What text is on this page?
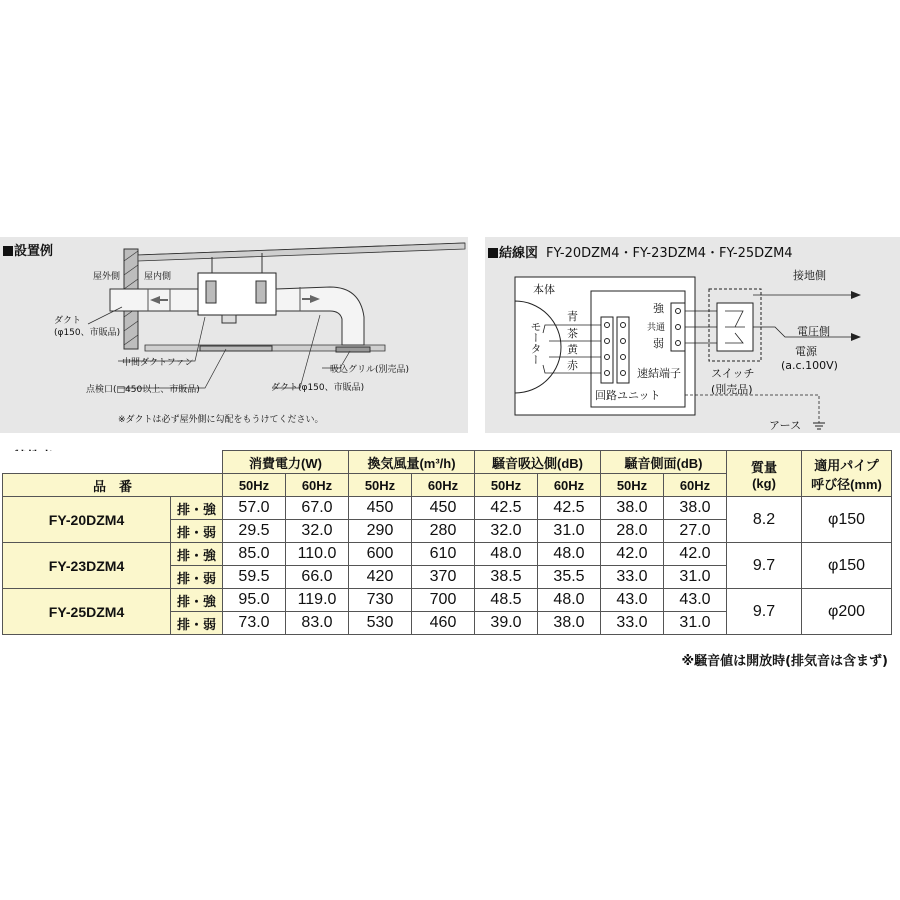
設置例
屋外側	屋内側
ダクト
(φ150、市販品)
中間ダクトファン
点検口(□450以上、市販品)	ダクト(φ150、市販品)
吸込グリル(別売品)
※ダクトは必ず屋外側に勾配をもうけてください。
結線図 FY-20DZM4・FY-23DZM4・FY-25DZM4
本体
モーター
青
茶
黄
赤
強
共通
弱
速結端子
回路ユニット
接地側
電圧側
電源
(a.c.100V)
スイッチ
(別売品)
アース
		消費電力(W)		換気風量(m³/h)		騒音吸込側(dB)		騒音側面(dB)		質量
(kg)	適用パイプ
呼び径(mm)
品　番		50Hz	60Hz	50Hz	60Hz	50Hz	60Hz	50Hz	60Hz		
FY-20DZM4	排・強	57.0	67.0	450	450	42.5	42.5	38.0	38.0	8.2	φ150
	排・弱	29.5	32.0	290	280	32.0	31.0	28.0	27.0		
FY-23DZM4	排・強	85.0	110.0	600	610	48.0	48.0	42.0	42.0	9.7	φ150
	排・弱	59.5	66.0	420	370	38.5	35.5	33.0	31.0		
FY-25DZM4	排・強	95.0	119.0	730	700	48.5	48.0	43.0	43.0	9.7	φ200
	排・弱	73.0	83.0	530	460	39.0	38.0	33.0	31.0		
※騒音値は開放時(排気音は含まず)
